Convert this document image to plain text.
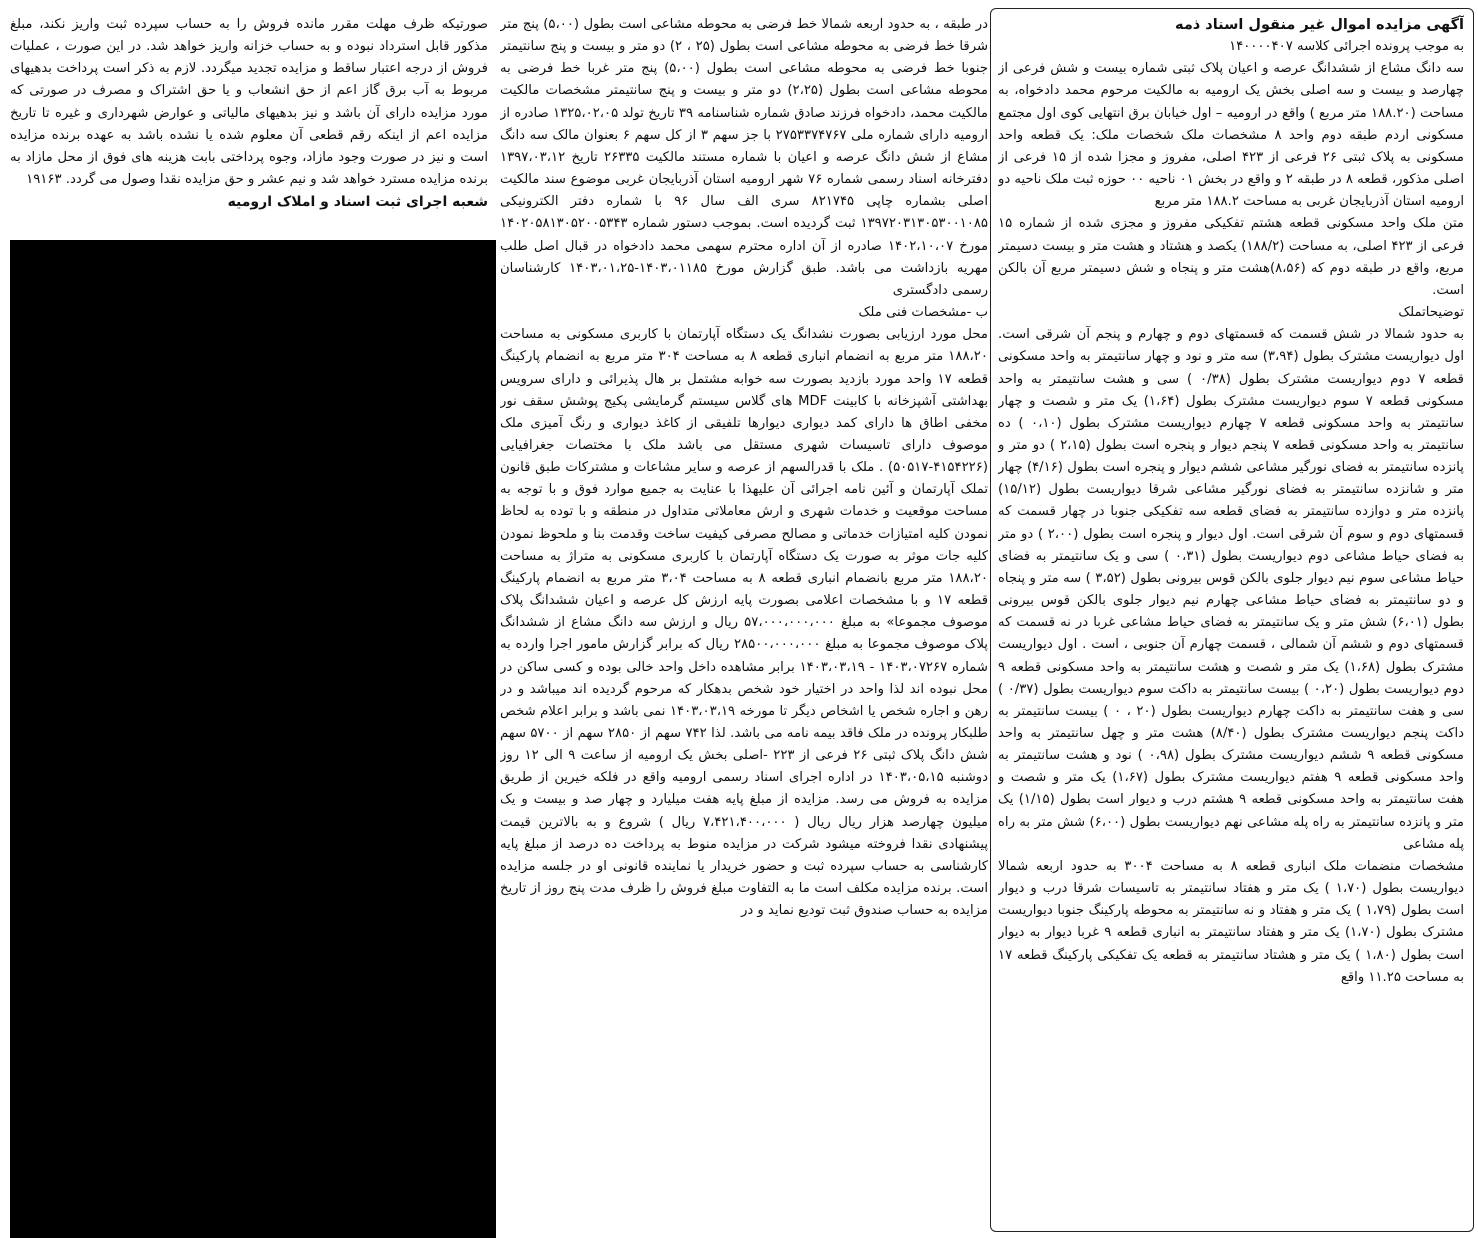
آگهی مزایده اموال غیر منقول اسناد ذمه

به موجب پرونده اجرائی کلاسه ۱۴۰۰۰۰۴۰۷

سه دانگ مشاع از ششدانگ عرصه و اعیان پلاک ثبتی شماره بیست و شش فرعی از چهارصد و بیست و سه اصلی بخش یک ارومیه به مالکیت مرحوم محمد دادخواه، به مساحت (۱۸۸.۲۰ متر مربع ) واقع در ارومیه – اول خیابان برق انتهایی کوی اول مجتمع مسکونی اردم طبقه دوم واحد ۸ مشخصات ملک شخصات ملک: یک قطعه واحد مسکونی به پلاک ثبتی ۲۶ فرعی از ۴۲۳ اصلی، مفروز و مجزا شده از ۱۵ فرعی از اصلی مذکور، قطعه ۸ در طبقه ۲ و واقع در بخش ۰۱ ناحیه ۰۰ حوزه ثبت ملک ناحیه دو ارومیه استان آذربایجان غربی به مساحت ۱۸۸.۲ متر مربع

متن ملک واحد مسکونی قطعه هشتم تفکیکی مفروز و مجزی شده از شماره ۱۵ فرعی از ۴۲۳ اصلی، به مساحت (۱۸۸/۲) یکصد و هشتاد و هشت متر و بیست دسیمتر مربع، واقع در طبقه دوم که (۸،۵۶)هشت متر و پنجاه و شش دسیمتر مربع آن بالکن است.

توضیحاتملک

به حدود شمالا در شش قسمت که قسمتهای دوم و چهارم و پنجم آن شرقی است. اول دیواریست مشترک بطول (۳،۹۴) سه متر و نود و چهار سانتیمتر به واحد مسکونی قطعه ۷ دوم دیواریست مشترک بطول (۰/۳۸ ) سی و هشت سانتیمتر به واحد مسکونی قطعه ۷ سوم دیواریست مشترک بطول (۱،۶۴) یک متر و شصت و چهار سانتیمتر به واحد مسکونی قطعه ۷ چهارم دیواریست مشترک بطول (۰،۱۰ ) ده سانتیمتر به واحد مسکونی قطعه ۷ پنجم دیوار و پنجره است بطول (۲،۱۵ ) دو متر و پانزده سانتیمتر به فضای نورگیر مشاعی ششم دیوار و پنجره است بطول (۴/۱۶) چهار متر و شانزده سانتیمتر به فضای نورگیر مشاعی شرقا دیواریست بطول (۱۵/۱۲) پانزده متر و دوازده سانتیمتر به فضای قطعه سه تفکیکی جنوبا در چهار قسمت که قسمتهای دوم و سوم آن شرقی است. اول دیوار و پنجره است بطول (۲،۰۰ ) دو متر به فضای حیاط مشاعی دوم دیواریست بطول (۰،۳۱ ) سی و یک سانتیمتر به فضای حیاط مشاعی سوم نیم دیوار جلوی بالکن قوس بیرونی بطول (۳،۵۲ ) سه متر و پنجاه و دو سانتیمتر به فضای حیاط مشاعی چهارم نیم دیوار جلوی بالکن قوس بیرونی بطول (۶،۰۱) شش متر و یک سانتیمتر به فضای حیاط مشاعی غربا در نه قسمت که قسمتهای دوم و ششم آن شمالی ، قسمت چهارم آن جنوبی ، است . اول دیواریست مشترک بطول (۱،۶۸) یک متر و شصت و هشت سانتیمتر به واحد مسکونی قطعه ۹ دوم دیواریست بطول (۰،۲۰ ) بیست سانتیمتر به داکت سوم دیواریست بطول (۰/۳۷ ) سی و هفت سانتیمتر به داکت چهارم دیواریست بطول (۲۰ ، ۰ ) بیست سانتیمتر به داکت پنجم دیواریست مشترک بطول (۸/۴۰) هشت متر و چهل سانتیمتر به واحد مسکونی قطعه ۹ ششم دیواریست مشترک بطول (۰،۹۸ ) نود و هشت سانتیمتر به واحد مسکونی قطعه ۹ هفتم دیواریست مشترک بطول (۱،۶۷) یک متر و شصت و هفت سانتیمتر به واحد مسکونی قطعه ۹ هشتم درب و دیوار است بطول (۱/۱۵) یک متر و پانزده سانتیمتر به راه پله مشاعی نهم دیواریست بطول (۶،۰۰) شش متر به راه پله مشاعی

مشخصات منضمات ملک انباری قطعه ۸ به مساحت ۳۰۰۴ به حدود اربعه شمالا دیواریست بطول (۱،۷۰ ) یک متر و هفتاد سانتیمتر به تاسیسات شرقا درب و دیوار است بطول (۱،۷۹ ) یک متر و هفتاد و نه سانتیمتر به محوطه پارکینگ جنوبا دیواریست مشترک بطول (۱،۷۰) یک متر و هفتاد سانتیمتر به انباری قطعه ۹ غربا دیوار به دیوار است بطول (۱،۸۰ ) یک متر و هشتاد سانتیمتر به قطعه یک تفکیکی پارکینگ قطعه ۱۷ به مساحت ۱۱.۲۵ واقع

در طبقه ، به حدود اربعه شمالا خط فرضی به محوطه مشاعی است بطول (۵،۰۰) پنج متر شرقا خط فرضی به محوطه مشاعی است بطول (۲۵ ، ۲) دو متر و بیست و پنج سانتیمتر جنوبا خط فرضی به محوطه مشاعی است بطول (۵،۰۰) پنج متر غربا خط فرضی به محوطه مشاعی است بطول (۲،۲۵) دو متر و بیست و پنج سانتیمتر مشخصات مالکیت مالکیت محمد، دادخواه فرزند صادق شماره شناسنامه ۳۹ تاریخ تولد ۱۳۲۵،۰۲،۰۵ صادره از ارومیه دارای شماره ملی ۲۷۵۳۳۷۴۷۶۷ با جز سهم ۳ از کل سهم ۶ بعنوان مالک سه دانگ مشاع از شش دانگ عرصه و اعیان با شماره مستند مالکیت ۲۶۳۳۵ تاریخ ۱۳۹۷،۰۳،۱۲ دفترخانه اسناد رسمی شماره ۷۶ شهر ارومیه استان آذربایجان غربی موضوع سند مالکیت اصلی بشماره چاپی ۸۲۱۷۴۵ سری الف سال ۹۶ با شماره دفتر الکترونیکی ۱۳۹۷۲۰۳۱۳۰۵۳۰۰۱۰۸۵ ثبت گردیده است. بموجب دستور شماره ۱۴۰۲۰۵۸۱۳۰۵۲۰۰۵۳۴۳ مورخ ۱۴۰۲،۱۰،۰۷ صادره از آن اداره محترم سهمی محمد دادخواه در قبال اصل طلب مهریه بازداشت می باشد. طبق گزارش مورخ ۱۴۰۳،۰۱۱۸۵-۱۴۰۳،۰۱،۲۵ کارشناسان رسمی دادگستری

ب -مشخصات فنی ملک

محل مورد ارزیابی بصورت نشدانگ یک دستگاه آپارتمان با کاربری مسکونی به مساحت ۱۸۸،۲۰ متر مربع به انضمام انباری قطعه ۸ به مساحت ۳۰۴ متر مربع به انضمام پارکینگ قطعه ۱۷ واحد مورد بازدید بصورت سه خوابه مشتمل بر هال پذیرائی و دارای سرویس بهداشتی آشپزخانه با کابینت MDF های گلاس سیستم گرمایشی پکیج پوشش سقف نور مخفی اطاق ها دارای کمد دیواری دیوارها تلفیقی از کاغذ دیواری و رنگ آمیزی ملک موصوف دارای تاسیسات شهری مستقل می باشد ملک با مختصات جغرافیایی (۴۱۵۴۲۲۶-۵۰۵۱۷) . ملک با قدرالسهم از عرصه و سایر مشاعات و مشترکات طبق قانون تملک آپارتمان و آئین نامه اجرائی آن علیهذا با عنایت به جمیع موارد فوق و با توجه به مساحت موقعیت و خدمات شهری و ارش معاملاتی متداول در منطقه و با توده به لحاظ نمودن کلیه امتیازات خدماتی و مصالح مصرفی کیفیت ساخت وقدمت بنا و ملحوظ نمودن کلیه جات موثر به صورت یک دستگاه آپارتمان با کاربری مسکونی به متراژ به مساحت ۱۸۸،۲۰ متر مربع بانضمام انباری قطعه ۸ به مساحت ۳،۰۴ متر مربع به انضمام پارکینگ قطعه ۱۷ و با مشخصات اعلامی بصورت پایه ارزش کل عرصه و اعیان ششدانگ پلاک موصوف مجموعا» به مبلغ ۵۷،۰۰۰،۰۰۰،۰۰۰ ریال و ارزش سه دانگ مشاع از ششدانگ پلاک موصوف مجموعا به مبلغ ۲۸۵۰۰،۰۰۰،۰۰۰ ریال که برابر گزارش مامور اجرا وارده به شماره ۱۴۰۳،۰۷۲۶۷ - ۱۴۰۳،۰۳،۱۹ برابر مشاهده داخل واحد خالی بوده و کسی ساکن در محل نبوده اند لذا واحد در اختیار خود شخص بدهکار که مرحوم گردیده اند میباشد و در رهن و اجاره شخص یا اشخاص دیگر تا مورخه ۱۴۰۳،۰۳،۱۹ نمی باشد و برابر اعلام شخص طلبکار پرونده در ملک فاقد بیمه نامه می باشد. لذا ۷۴۲ سهم از ۲۸۵۰ سهم از ۵۷۰۰ سهم شش دانگ پلاک ثبتی ۲۶ فرعی از ۲۲۳ -اصلی بخش یک ارومیه از ساعت ۹ الی ۱۲ روز دوشنبه ۱۴۰۳،۰۵،۱۵ در اداره اجرای اسناد رسمی ارومیه واقع در فلکه خیرین از طریق مزایده به فروش می رسد. مزایده از مبلغ پایه هفت میلیارد و چهار صد و بیست و یک میلیون چهارصد هزار ریال ریال ( ۷،۴۲۱،۴۰۰،۰۰۰ ریال ) شروع و به بالاترین قیمت پیشنهادی نقدا فروخته میشود شرکت در مزایده منوط به پرداخت ده درصد از مبلغ پایه کارشناسی به حساب سپرده ثبت و حضور خریدار یا نماینده قانونی او در جلسه مزایده است. برنده مزایده مکلف است ما به التفاوت مبلغ فروش را ظرف مدت پنج روز از تاریخ مزایده به حساب صندوق ثبت تودیع نماید و در

صورتیکه ظرف مهلت مقرر مانده فروش را به حساب سپرده ثبت واریز نکند، مبلغ مذکور قابل استرداد نبوده و به حساب خزانه واریز خواهد شد. در این صورت ، عملیات فروش از درجه اعتبار ساقط و مزایده تجدید میگردد. لازم به ذکر است پرداخت بدهیهای مربوط به آب برق گاز اعم از حق انشعاب و یا حق اشتراک و مصرف در صورتی که مورد مزایده دارای آن باشد و نیز بدهیهای مالیاتی و عوارض شهرداری و غیره تا تاریخ مزایده اعم از اینکه رقم قطعی آن معلوم شده یا نشده باشد به عهده برنده مزایده است و نیز در صورت وجود مازاد، وجوه پرداختی بابت هزینه های فوق از محل مازاد به برنده مزایده مسترد خواهد شد و نیم عشر و حق مزایده نقدا وصول می گردد. ۱۹۱۶۳

شعبه اجرای ثبت اسناد و املاک ارومیه
